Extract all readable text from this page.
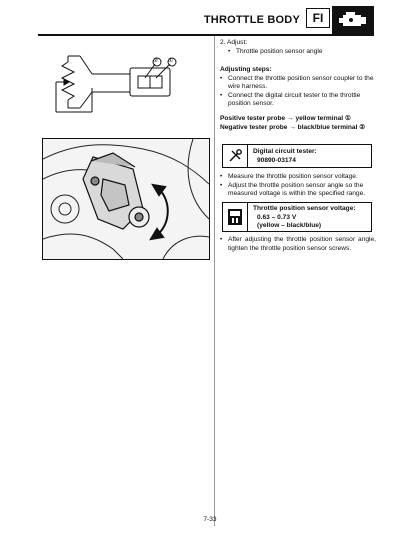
THROTTLE BODY	FI
② ①
2. Adjust:
• Throttle position sensor angle
Adjusting steps:
• Connect the throttle position sensor coupler to the wire harness.
• Connect the digital circuit tester to the throttle position sensor.
Positive tester probe → yellow terminal ①
Negative tester probe → black/blue terminal ②
Digital circuit tester:
90890-03174
• Measure the throttle position sensor voltage.
• Adjust the throttle position sensor angle so the measured voltage is within the specified range.
Throttle position sensor voltage:
0.63 – 0.73 V
(yellow – black/blue)
• After adjusting the throttle position sensor angle, tighten the throttle position sensor screws.
7-33
